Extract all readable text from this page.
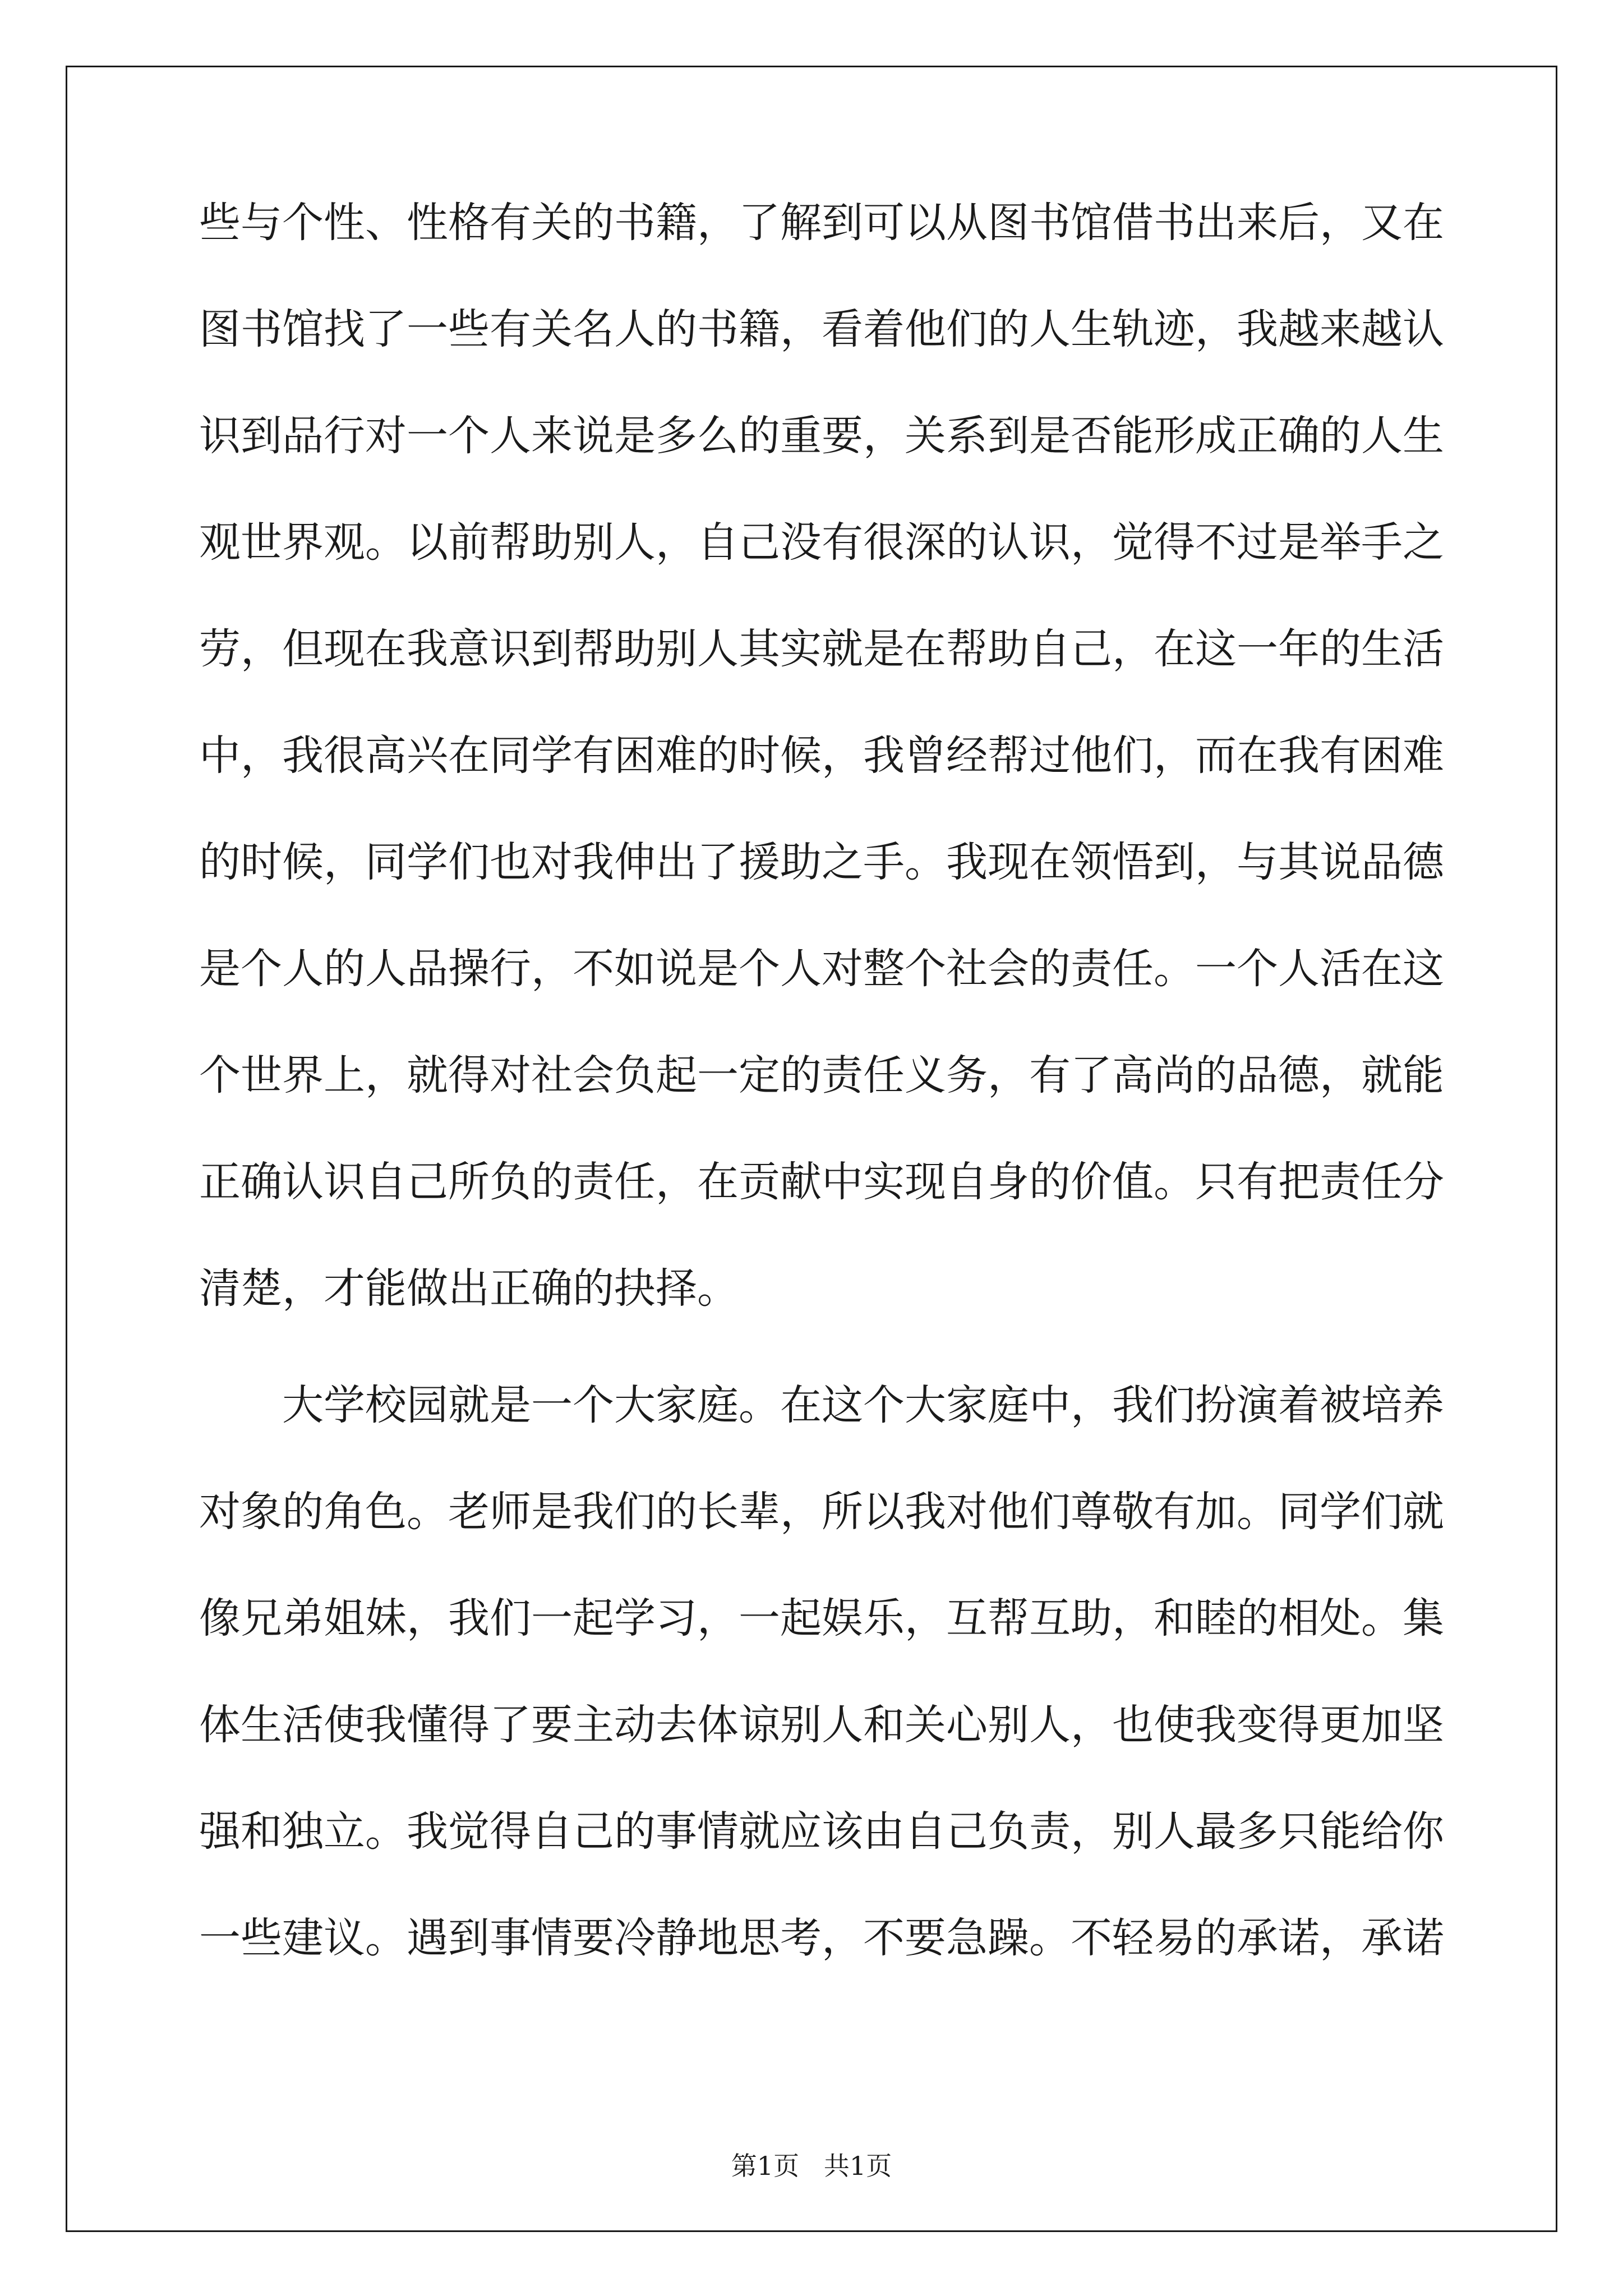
些与个性、性格有关的书籍，了解到可以从图书馆借书出来后，又在
图书馆找了一些有关名人的书籍，看着他们的人生轨迹，我越来越认
识到品行对一个人来说是多么的重要，关系到是否能形成正确的人生
观世界观。以前帮助别人，自己没有很深的认识，觉得不过是举手之
劳，但现在我意识到帮助别人其实就是在帮助自己，在这一年的生活
中，我很高兴在同学有困难的时候，我曾经帮过他们，而在我有困难
的时候，同学们也对我伸出了援助之手。我现在领悟到，与其说品德
是个人的人品操行，不如说是个人对整个社会的责任。一个人活在这
个世界上，就得对社会负起一定的责任义务，有了高尚的品德，就能
正确认识自己所负的责任，在贡献中实现自身的价值。只有把责任分
清楚，才能做出正确的抉择。
大学校园就是一个大家庭。在这个大家庭中，我们扮演着被培养
对象的角色。老师是我们的长辈，所以我对他们尊敬有加。同学们就
像兄弟姐妹，我们一起学习，一起娱乐，互帮互助，和睦的相处。集
体生活使我懂得了要主动去体谅别人和关心别人，也使我变得更加坚
强和独立。我觉得自己的事情就应该由自己负责，别人最多只能给你
一些建议。遇到事情要冷静地思考，不要急躁。不轻易的承诺，承诺
第1页   共1页
